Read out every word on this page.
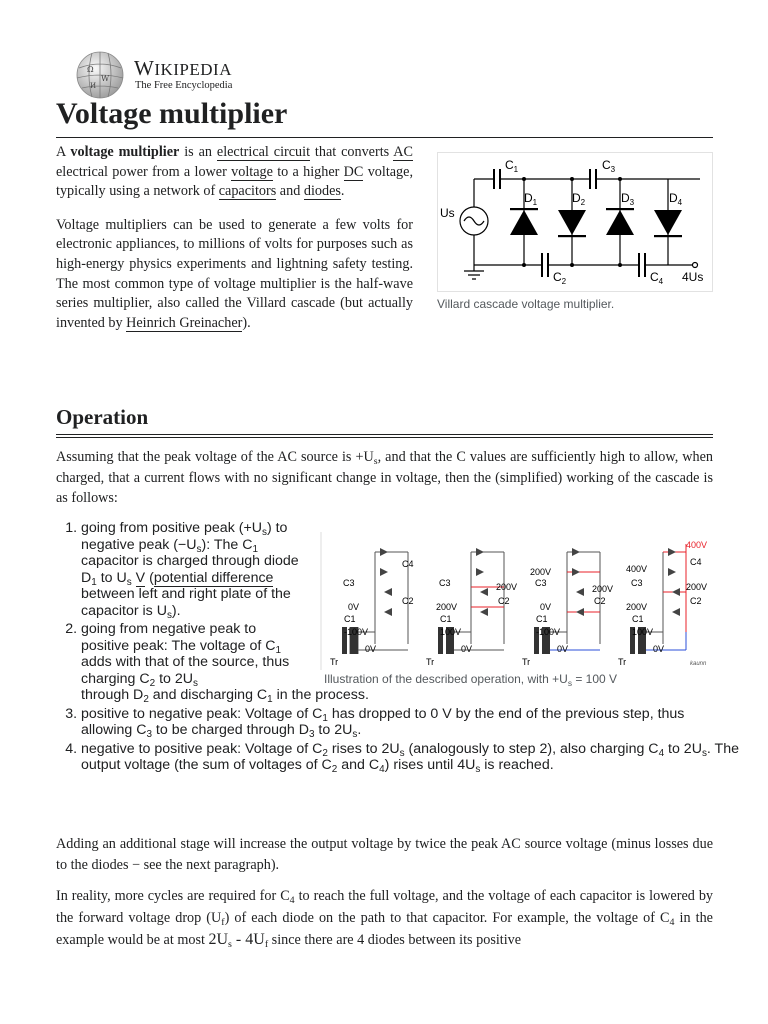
Ω
W
И
WIKIPEDIA
The Free Encyclopedia
Voltage multiplier

A voltage multiplier is an electrical circuit that converts AC electrical power from a lower voltage to a higher DC voltage, typically using a network of capacitors and diodes.

Voltage multipliers can be used to generate a few volts for electronic appliances, to millions of volts for purposes such as high-energy physics experiments and lightning safety testing. The most common type of voltage multiplier is the half-wave series multiplier, also called the Villard cascade (but actually invented by Heinrich Greinacher).

Us
$C_1$	$C_3$
$D_1$	$D_2$	$D_3$	$D_4$
$C_2$	$C_4$ 4Us
Villard cascade voltage multiplier.
Operation

Assuming that the peak voltage of the AC source is $+U_s$, and that the C values are sufficiently high to allow, when charged, that a current flows with no significant change in voltage, then the (simplified) working of the cascade is as follows:

C4
C3
C2
0V
C1
-100V
0V
Tr
C3	200V
C2
200V
C1
100V
0V
Tr
200V
C3
200V
C2
0V
C1
-100V
0V
Tr
400V
400V
C4
C3	200V
C2
200V
C1
100V
0V
Tr	kaunn
Illustration of the described operation, with $+U_s = 100$ V
1. going from positive peak $(+U_s)$ to negative peak $(-U_s)$: The $C_1$ capacitor is charged through diode $D_1$ to $U_s$ V (potential difference between left and right plate of the capacitor is $U_s$).
2. going from negative peak to positive peak: The voltage of $C_1$ adds with that of the source, thus charging $C_2$ to $2U_s$
through $D_2$ and discharging $C_1$ in the process.
3. positive to negative peak: Voltage of $C_1$ has dropped to 0 V by the end of the previous step, thus allowing $C_3$ to be charged through $D_3$ to $2U_s$.
4. negative to positive peak: Voltage of $C_2$ rises to $2U_s$ (analogously to step 2), also charging $C_4$ to $2U_s$. The output voltage (the sum of voltages of $C_2$ and $C_4$) rises until $4U_s$ is reached.

Adding an additional stage will increase the output voltage by twice the peak AC source voltage (minus losses due to the diodes − see the next paragraph).

In reality, more cycles are required for $C_4$ to reach the full voltage, and the voltage of each capacitor is lowered by the forward voltage drop $(U_f)$ of each diode on the path to that capacitor. For example, the voltage of $C_4$ in the example would be at most $2U_s - 4U_f$ since there are 4 diodes between its positive
